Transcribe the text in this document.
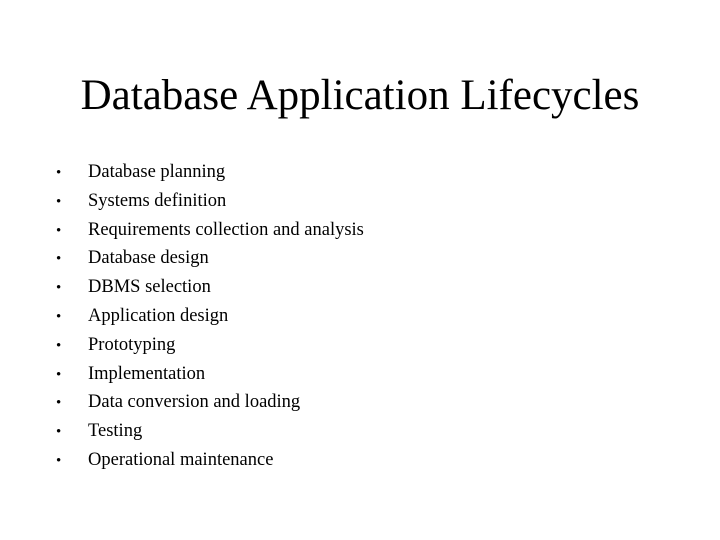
Database Application Lifecycles
•	Database planning
•	Systems definition
•	Requirements collection and analysis
•	Database design
•	DBMS selection
•	Application design
•	Prototyping
•	Implementation
•	Data conversion and loading
•	Testing
•	Operational maintenance
